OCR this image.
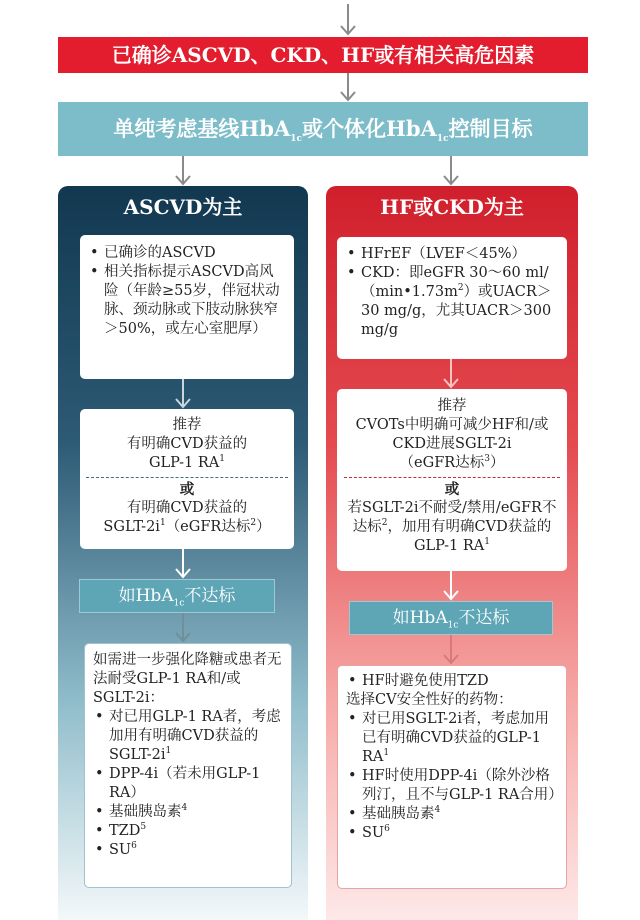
已确诊ASCVD、CKD、HF或有相关高危因素
单纯考虑基线HbA$_{1c}$或个体化HbA$_{1c}$控制目标
ASCVD为主
• 已确诊的ASCVD
• 相关指标提示ASCVD高风险（年龄≥55岁，伴冠状动脉、颈动脉或下肢动脉狭窄＞50%，或左心室肥厚）
推荐
有明确CVD获益的
GLP-1 $RA^1$
或
有明确CVD获益的
SGLT-$2i^1(eGFR$达标$^2$）
如HbA$_{1c}$不达标
如需进一步强化降糖或患者无法耐受GLP-1 RA和/或SGLT-2i：
• 对已用GLP-1 RA者，考虑加用有明确CVD获益的SGLT-$2i^1$
• DPP-4i（若未用GLP-1 RA）
• 基础胰岛素$^4$
• TZD$^5$
• $SU^6$
HF或CKD为主
• HFrEF（LVEF＜45%）
• CKD：即eGFR 30～60 $ml/(\min•1.73m^2)$或UACR＞30 mg/g，尤其UACR＞300 mg/g
推荐
CVOTs中明确可减少HF和/或CKD进展SGLT-2i
（eGFR达标$^3$）
或
若SGLT-2i不耐受/禁用/eGFR不达标$^2$，加用有明确CVD获益的GLP-1 $RA^1$
如HbA$_{1c}$不达标
• HF时避免使用TZD
选择CV安全性好的药物：
• 对已用SGLT-2i者，考虑加用已有明确CVD获益的GLP-1 $RA^1$
• HF时使用DPP-4i（除外沙格列汀，且不与GLP-1 RA合用）
• 基础胰岛素$^4$
• $SU^6$
